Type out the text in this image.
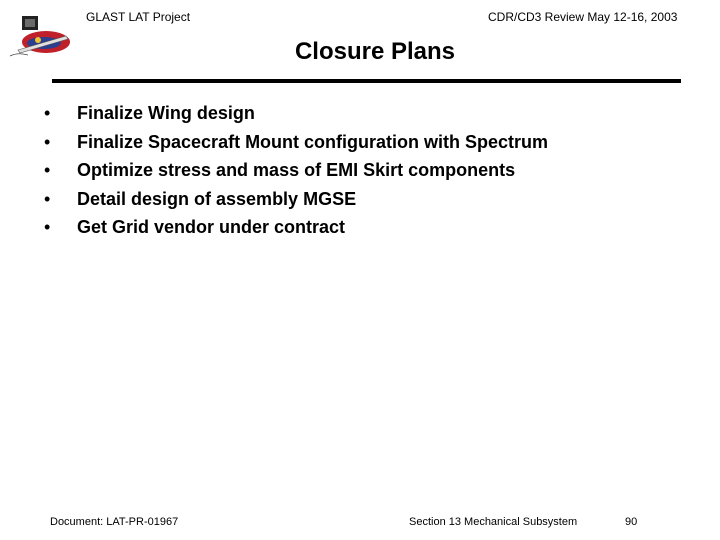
GLAST LAT Project	CDR/CD3 Review May 12-16, 2003
Closure Plans
•	Finalize Wing design
•	Finalize Spacecraft Mount configuration with Spectrum
•	Optimize stress and mass of EMI Skirt components
•	Detail design of assembly MGSE
•	Get Grid vendor under contract
Document: LAT-PR-01967	Section 13 Mechanical Subsystem	90
